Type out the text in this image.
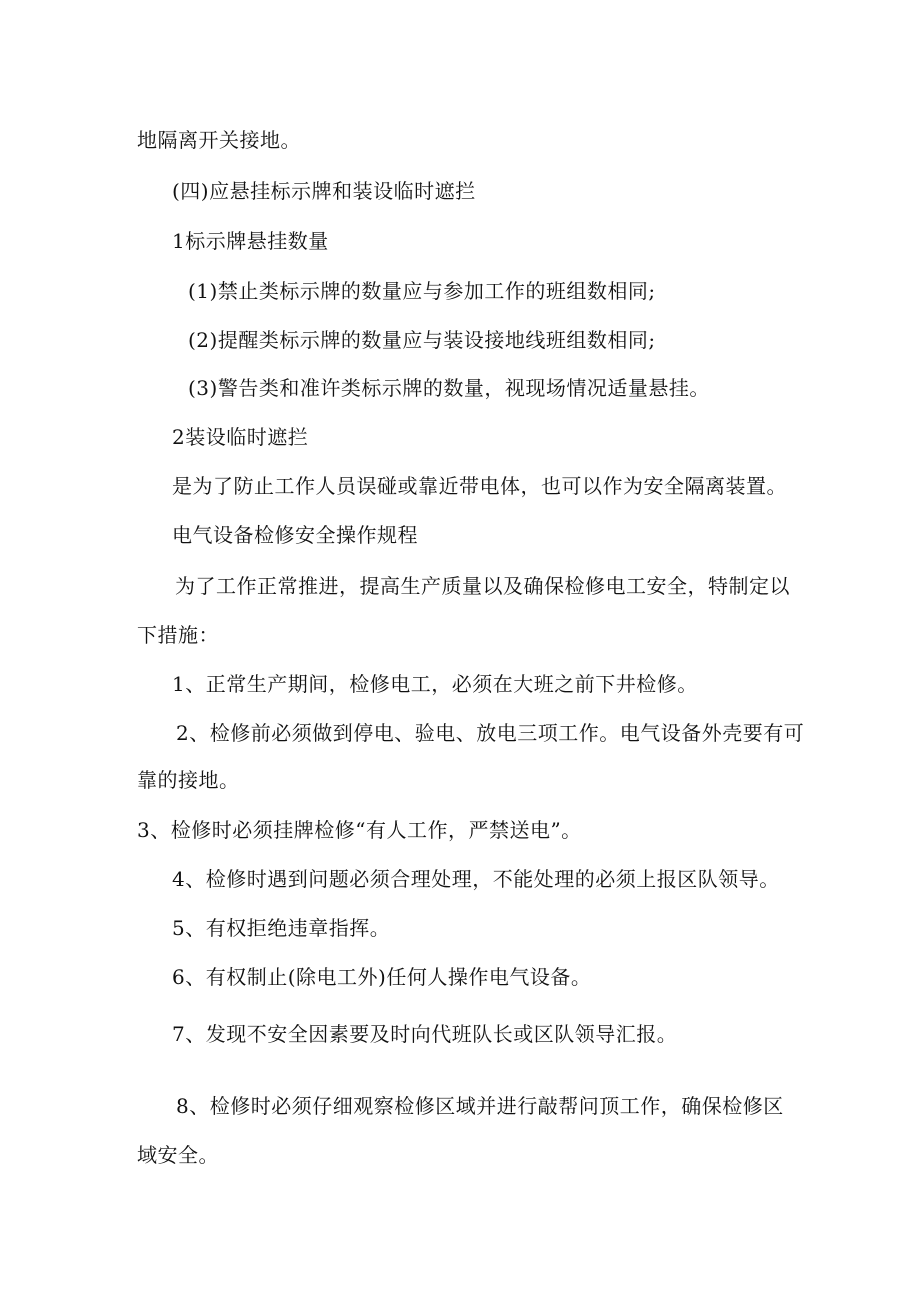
地隔离开关接地。
(四)应悬挂标示牌和装设临时遮拦
1标示牌悬挂数量
(1)禁止类标示牌的数量应与参加工作的班组数相同;
(2)提醒类标示牌的数量应与装设接地线班组数相同;
(3)警告类和准许类标示牌的数量，视现场情况适量悬挂。
2装设临时遮拦
是为了防止工作人员误碰或靠近带电体，也可以作为安全隔离装置。
电气设备检修安全操作规程
为了工作正常推进，提高生产质量以及确保检修电工安全，特制定以
下措施：
1、正常生产期间，检修电工，必须在大班之前下井检修。
2、检修前必须做到停电、验电、放电三项工作。电气设备外壳要有可
靠的接地。
3、检修时必须挂牌检修“有人工作，严禁送电”。
4、检修时遇到问题必须合理处理，不能处理的必须上报区队领导。
5、有权拒绝违章指挥。
6、有权制止(除电工外)任何人操作电气设备。
7、发现不安全因素要及时向代班队长或区队领导汇报。
8、检修时必须仔细观察检修区域并进行敲帮问顶工作，确保检修区
域安全。
